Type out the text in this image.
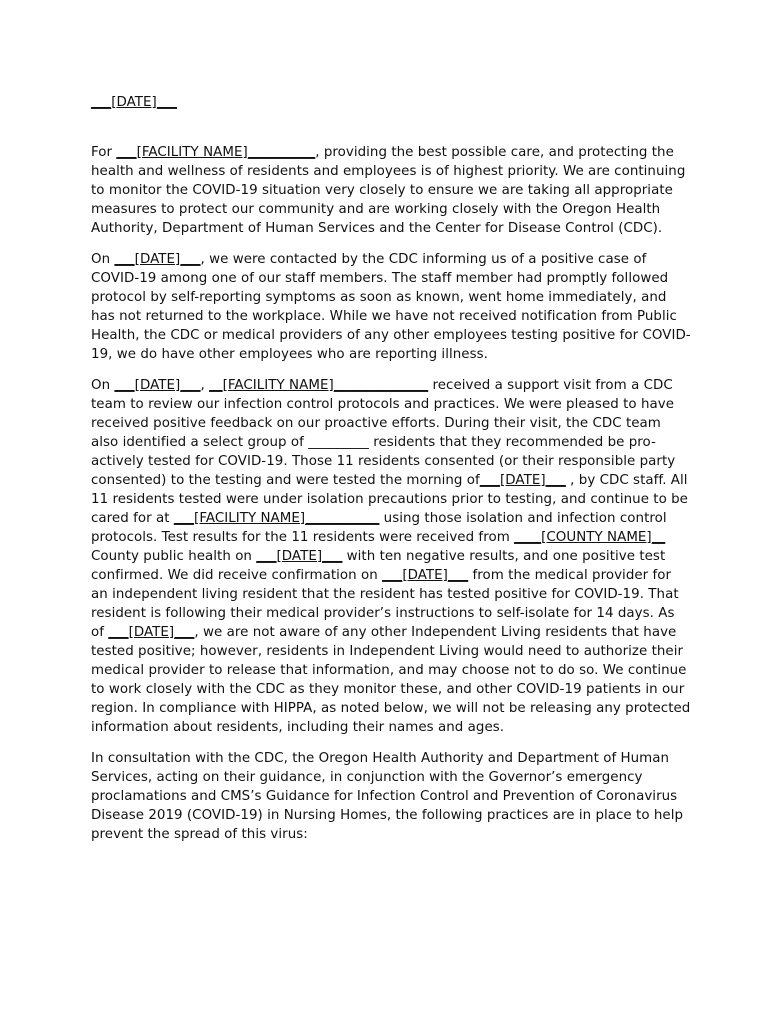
___[DATE]___

For ___[FACILITY NAME]__________, providing the best possible care, and protecting the health and wellness of residents and employees is of highest priority. We are continuing to monitor the COVID-19 situation very closely to ensure we are taking all appropriate measures to protect our community and are working closely with the Oregon Health Authority, Department of Human Services and the Center for Disease Control (CDC).

On ___[DATE]___, we were contacted by the CDC informing us of a positive case of COVID-19 among one of our staff members. The staff member had promptly followed protocol by self-reporting symptoms as soon as known, went home immediately, and has not returned to the workplace. While we have not received notification from Public Health, the CDC or medical providers of any other employees testing positive for COVID-19, we do have other employees who are reporting illness.

On ___[DATE]___, __[FACILITY NAME]______________ received a support visit from a CDC team to review our infection control protocols and practices. We were pleased to have received positive feedback on our proactive efforts. During their visit, the CDC team also identified a select group of _________ residents that they recommended be pro-actively tested for COVID-19. Those 11 residents consented (or their responsible party consented) to the testing and were tested the morning of___[DATE]___ , by CDC staff. All 11 residents tested were under isolation precautions prior to testing, and continue to be cared for at ___[FACILITY NAME]___________ using those isolation and infection control protocols. Test results for the 11 residents were received from ____[COUNTY NAME]__ County public health on ___[DATE]___ with ten negative results, and one positive test confirmed. We did receive confirmation on ___[DATE]___ from the medical provider for an independent living resident that the resident has tested positive for COVID-19. That resident is following their medical provider’s instructions to self-isolate for 14 days. As of ___[DATE]___, we are not aware of any other Independent Living residents that have tested positive; however, residents in Independent Living would need to authorize their medical provider to release that information, and may choose not to do so. We continue to work closely with the CDC as they monitor these, and other COVID-19 patients in our region. In compliance with HIPPA, as noted below, we will not be releasing any protected information about residents, including their names and ages.

In consultation with the CDC, the Oregon Health Authority and Department of Human Services, acting on their guidance, in conjunction with the Governor’s emergency proclamations and CMS’s Guidance for Infection Control and Prevention of Coronavirus Disease 2019 (COVID-19) in Nursing Homes, the following practices are in place to help prevent the spread of this virus:
